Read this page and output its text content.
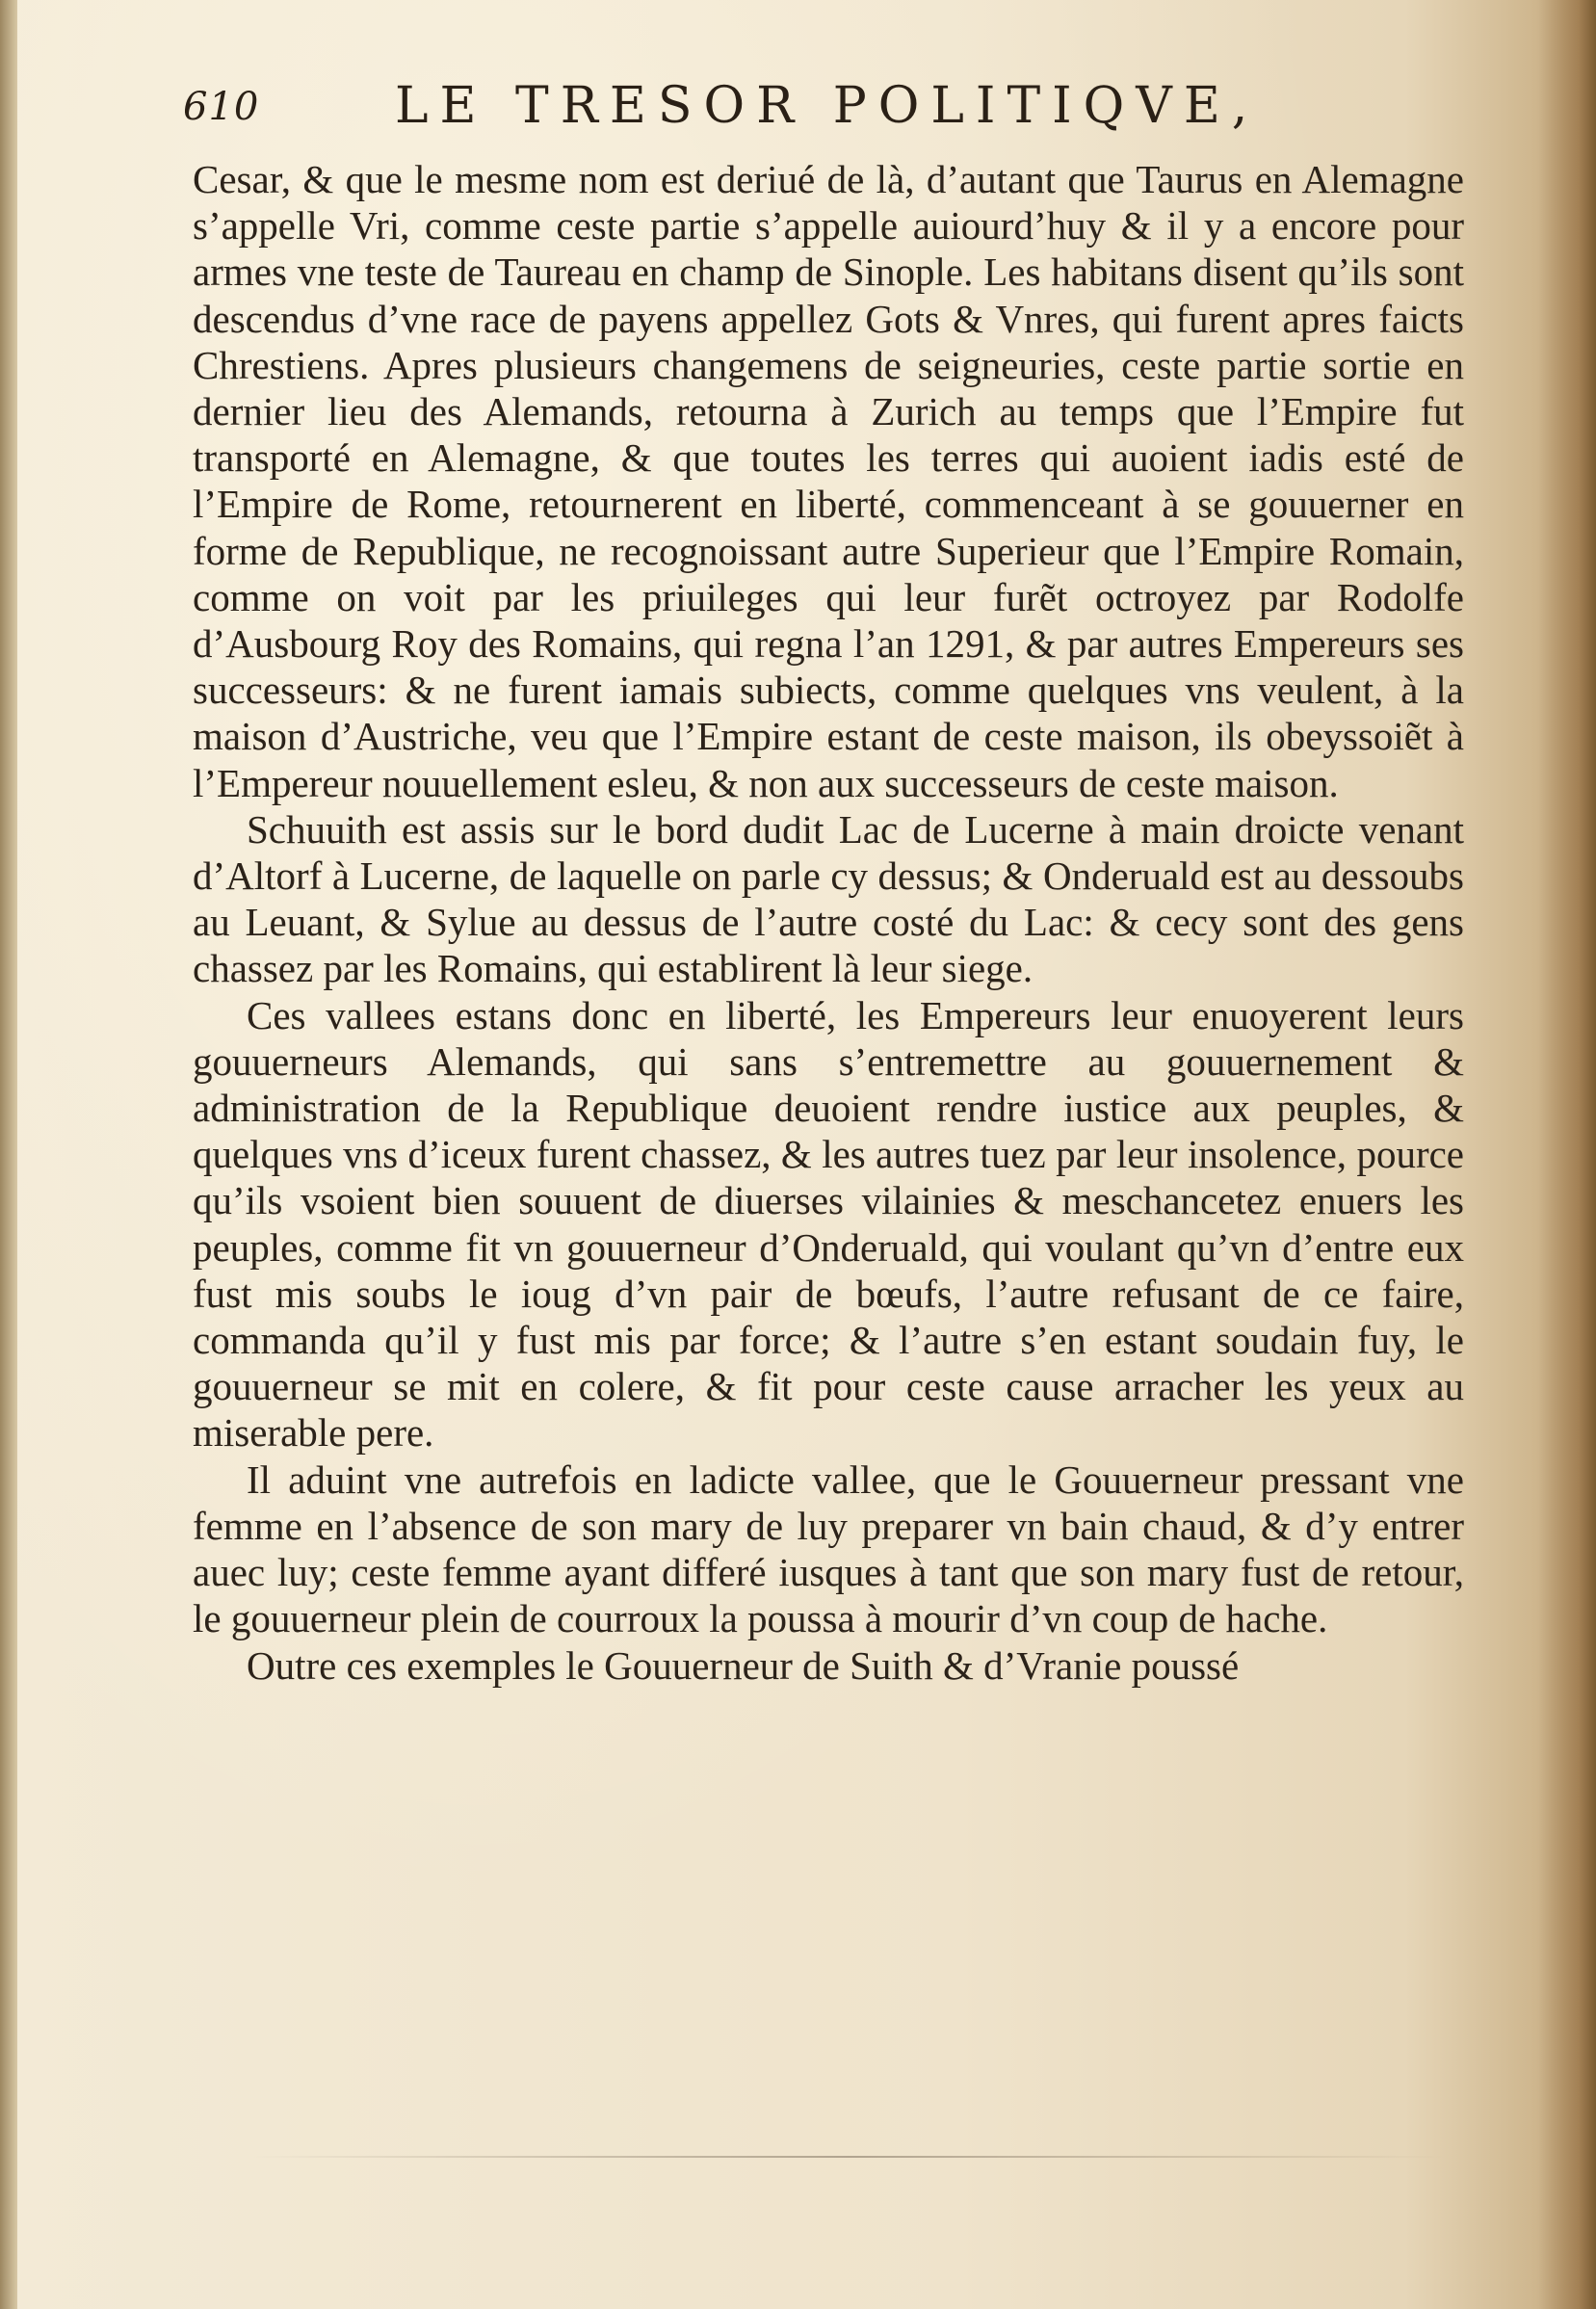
610	LE TRESOR POLITIQVE,

Cesar, & que le mesme nom est deriué de là, d’autant que Taurus en Alemagne s’appelle Vri, comme ceste partie s’appelle auiourd’huy & il y a encore pour armes vne teste de Taureau en champ de Sinople. Les habitans disent qu’ils sont descendus d’vne race de payens appellez Gots & Vnres, qui furent apres faicts Chrestiens. Apres plusieurs changemens de seigneuries, ceste partie sortie en dernier lieu des Alemands, retourna à Zurich au temps que l’Empire fut transporté en Alemagne, & que toutes les terres qui auoient iadis esté de l’Empire de Rome, retournerent en liberté, commenceant à se gouuerner en forme de Republique, ne recognoissant autre Superieur que l’Empire Romain, comme on voit par les priuileges qui leur furẽt octroyez par Rodolfe d’Ausbourg Roy des Romains, qui regna l’an 1291, & par autres Empereurs ses successeurs: & ne furent iamais subiects, comme quelques vns veulent, à la maison d’Austriche, veu que l’Empire estant de ceste maison, ils obeyssoiẽt à l’Empereur nouuellement esleu, & non aux successeurs de ceste maison.

Schuuith est assis sur le bord dudit Lac de Lucerne à main droicte venant d’Altorf à Lucerne, de laquelle on parle cy dessus; & Onderuald est au dessoubs au Leuant, & Sylue au dessus de l’autre costé du Lac: & cecy sont des gens chassez par les Romains, qui establirent là leur siege.

Ces vallees estans donc en liberté, les Empereurs leur enuoyerent leurs gouuerneurs Alemands, qui sans s’entremettre au gouuernement & administration de la Republique deuoient rendre iustice aux peuples, & quelques vns d’iceux furent chassez, & les autres tuez par leur insolence, pource qu’ils vsoient bien souuent de diuerses vilainies & meschancetez enuers les peuples, comme fit vn gouuerneur d’Onderuald, qui voulant qu’vn d’entre eux fust mis soubs le ioug d’vn pair de bœufs, l’autre refusant de ce faire, commanda qu’il y fust mis par force; & l’autre s’en estant soudain fuy, le gouuerneur se mit en colere, & fit pour ceste cause arracher les yeux au miserable pere.

Il aduint vne autrefois en ladicte vallee, que le Gouuerneur pressant vne femme en l’absence de son mary de luy preparer vn bain chaud, & d’y entrer auec luy; ceste femme ayant differé iusques à tant que son mary fust de retour, le gouuerneur plein de courroux la poussa à mourir d’vn coup de hache.

Outre ces exemples le Gouuerneur de Suith & d’Vranie poussé
